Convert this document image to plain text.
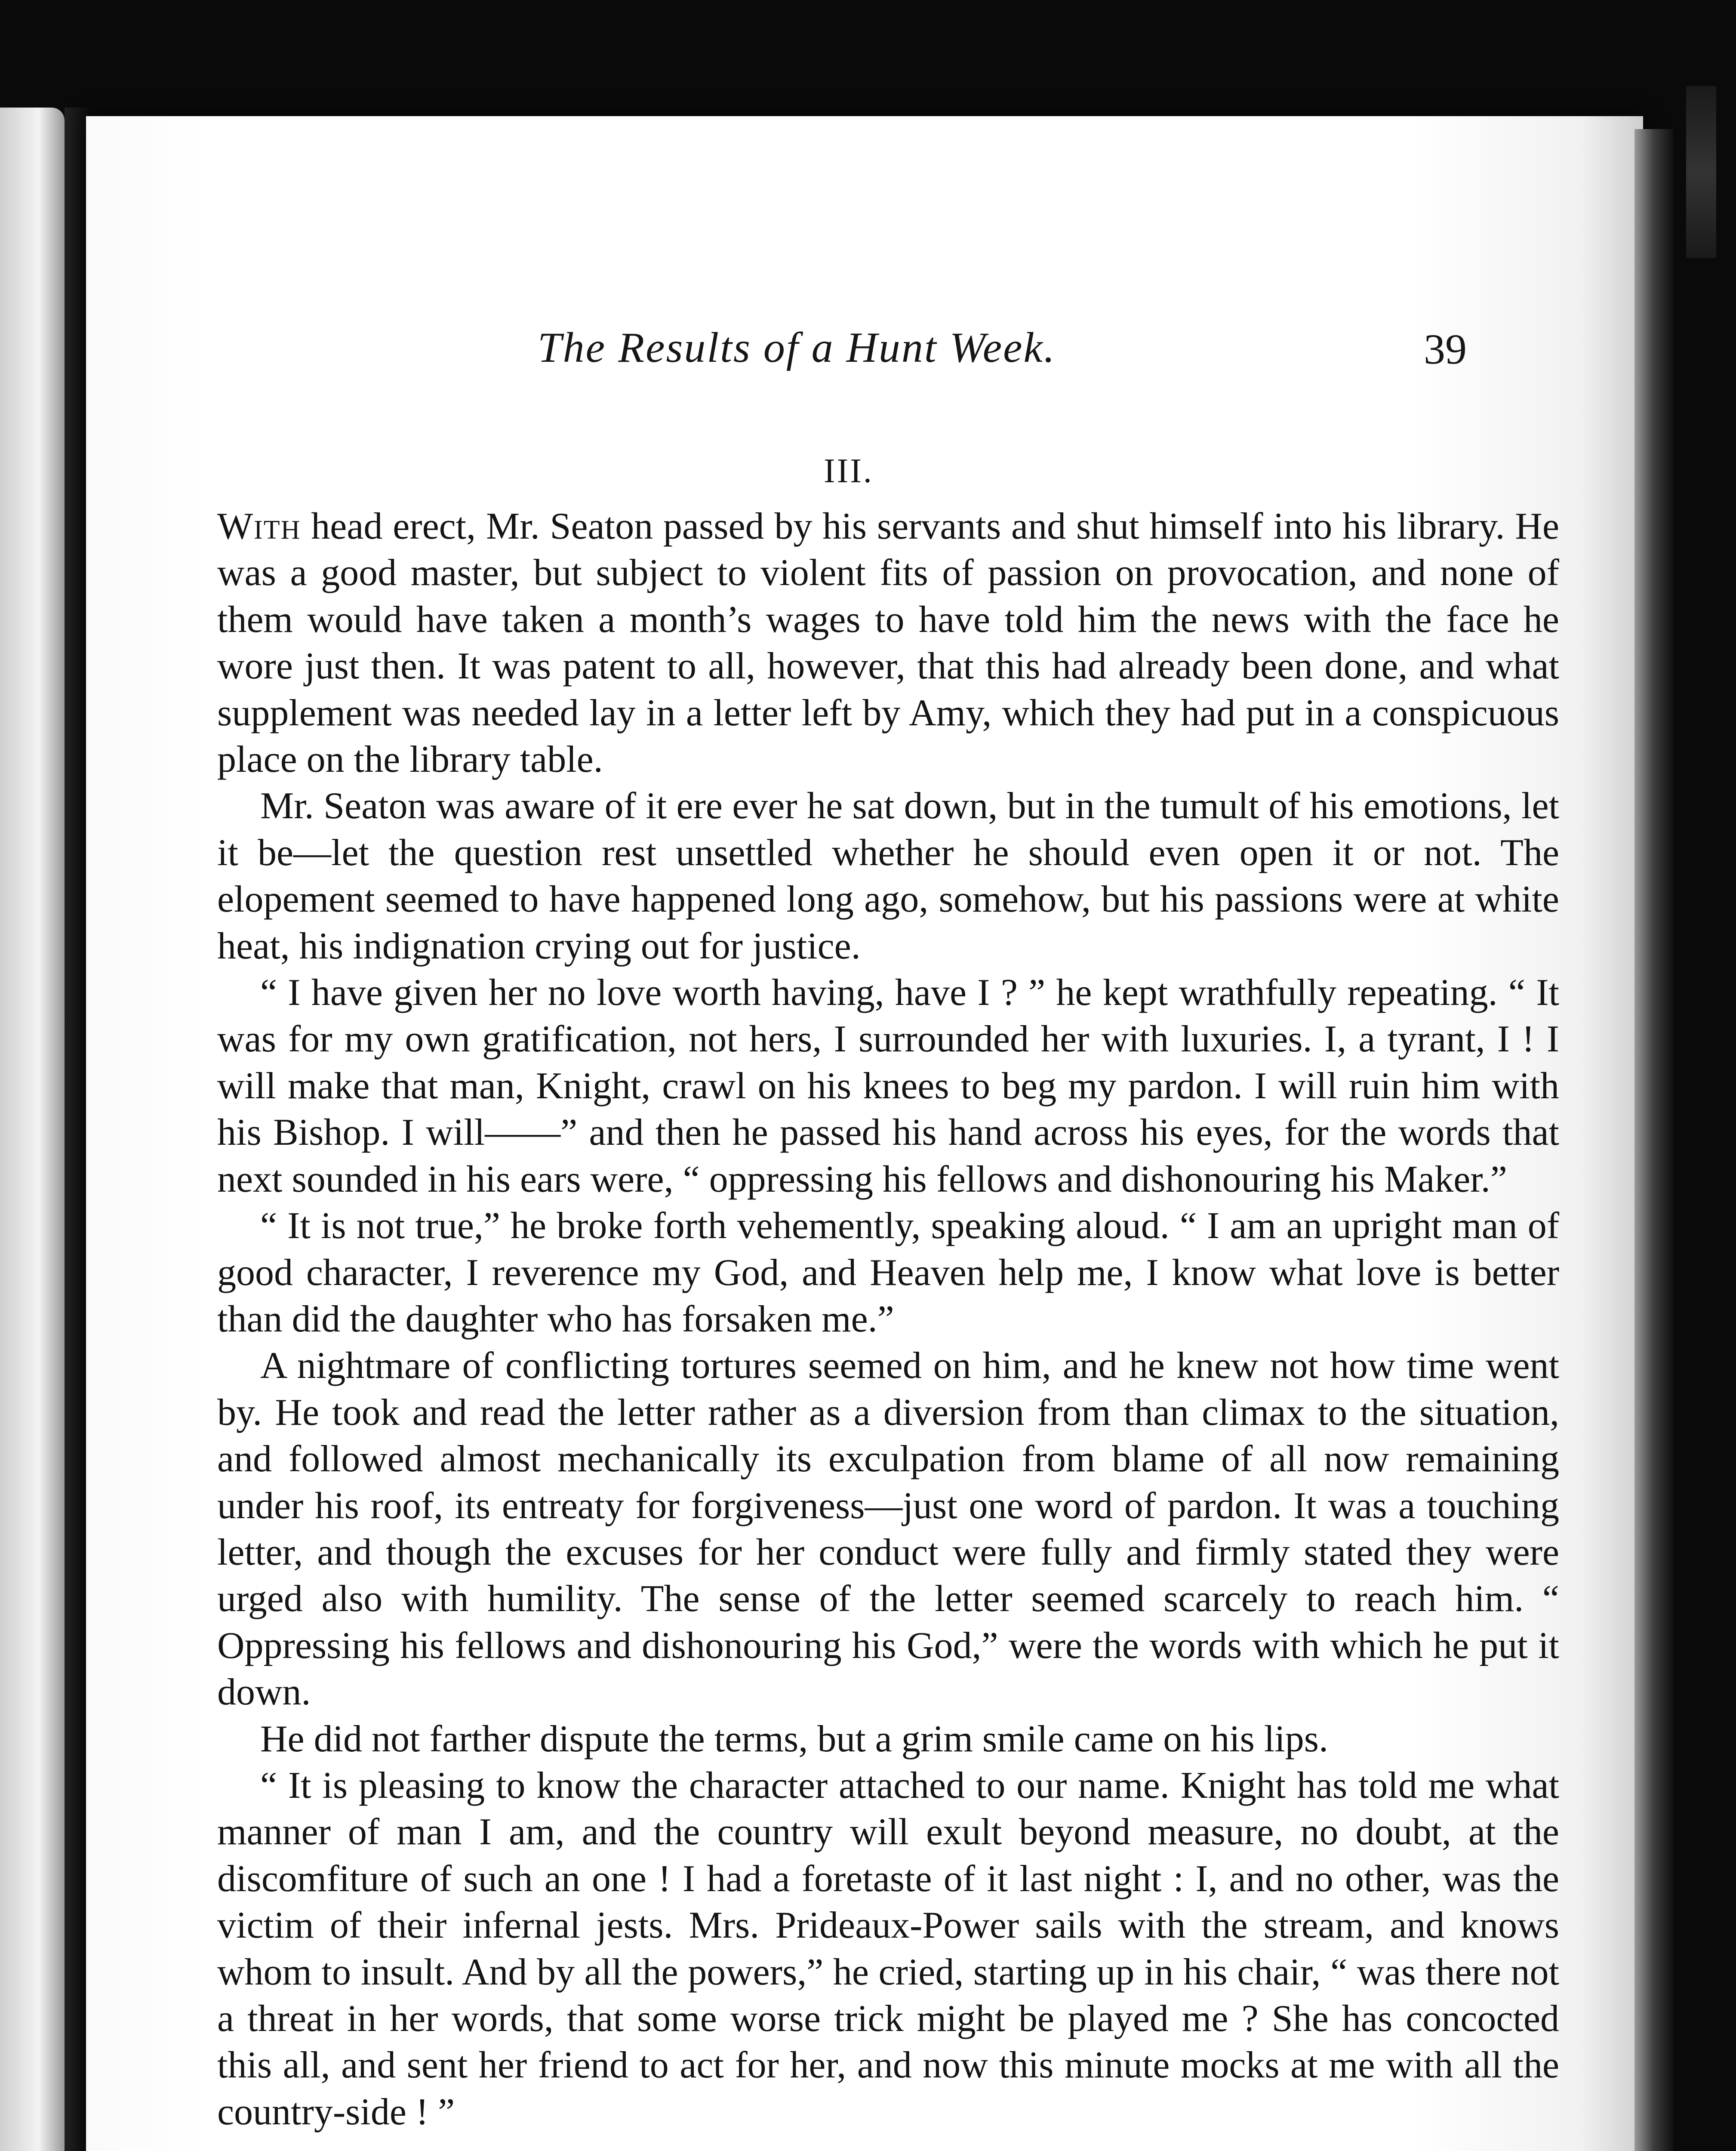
The Results of a Hunt Week.	39
III.

With head erect, Mr. Seaton passed by his servants and shut himself into his library. He was a good master, but subject to violent fits of passion on provocation, and none of them would have taken a month’s wages to have told him the news with the face he wore just then. It was patent to all, however, that this had already been done, and what supplement was needed lay in a letter left by Amy, which they had put in a conspicuous place on the library table.

Mr. Seaton was aware of it ere ever he sat down, but in the tumult of his emotions, let it be—let the question rest unsettled whether he should even open it or not. The elopement seemed to have happened long ago, somehow, but his passions were at white heat, his indignation crying out for justice.

“ I have given her no love worth having, have I ? ” he kept wrathfully repeating. “ It was for my own gratification, not hers, I surrounded her with luxuries. I, a tyrant, I ! I will make that man, Knight, crawl on his knees to beg my pardon. I will ruin him with his Bishop. I will——” and then he passed his hand across his eyes, for the words that next sounded in his ears were, “ oppressing his fellows and dishonouring his Maker.”

“ It is not true,” he broke forth vehemently, speaking aloud. “ I am an upright man of good character, I reverence my God, and Heaven help me, I know what love is better than did the daughter who has forsaken me.”

A nightmare of conflicting tortures seemed on him, and he knew not how time went by. He took and read the letter rather as a diversion from than climax to the situation, and followed almost mechanically its exculpation from blame of all now remaining under his roof, its entreaty for forgiveness—just one word of pardon. It was a touching letter, and though the excuses for her conduct were fully and firmly stated they were urged also with humility. The sense of the letter seemed scarcely to reach him. “ Oppressing his fellows and dishonouring his God,” were the words with which he put it down.

He did not farther dispute the terms, but a grim smile came on his lips.

“ It is pleasing to know the character attached to our name. Knight has told me what manner of man I am, and the country will exult beyond measure, no doubt, at the discomfiture of such an one ! I had a foretaste of it last night : I, and no other, was the victim of their infernal jests. Mrs. Prideaux-Power sails with the stream, and knows whom to insult. And by all the powers,” he cried, starting up in his chair, “ was there not a threat in her words, that some worse trick might be played me ? She has concocted this all, and sent her friend to act for her, and now this minute mocks at me with all the country-side ! ”
